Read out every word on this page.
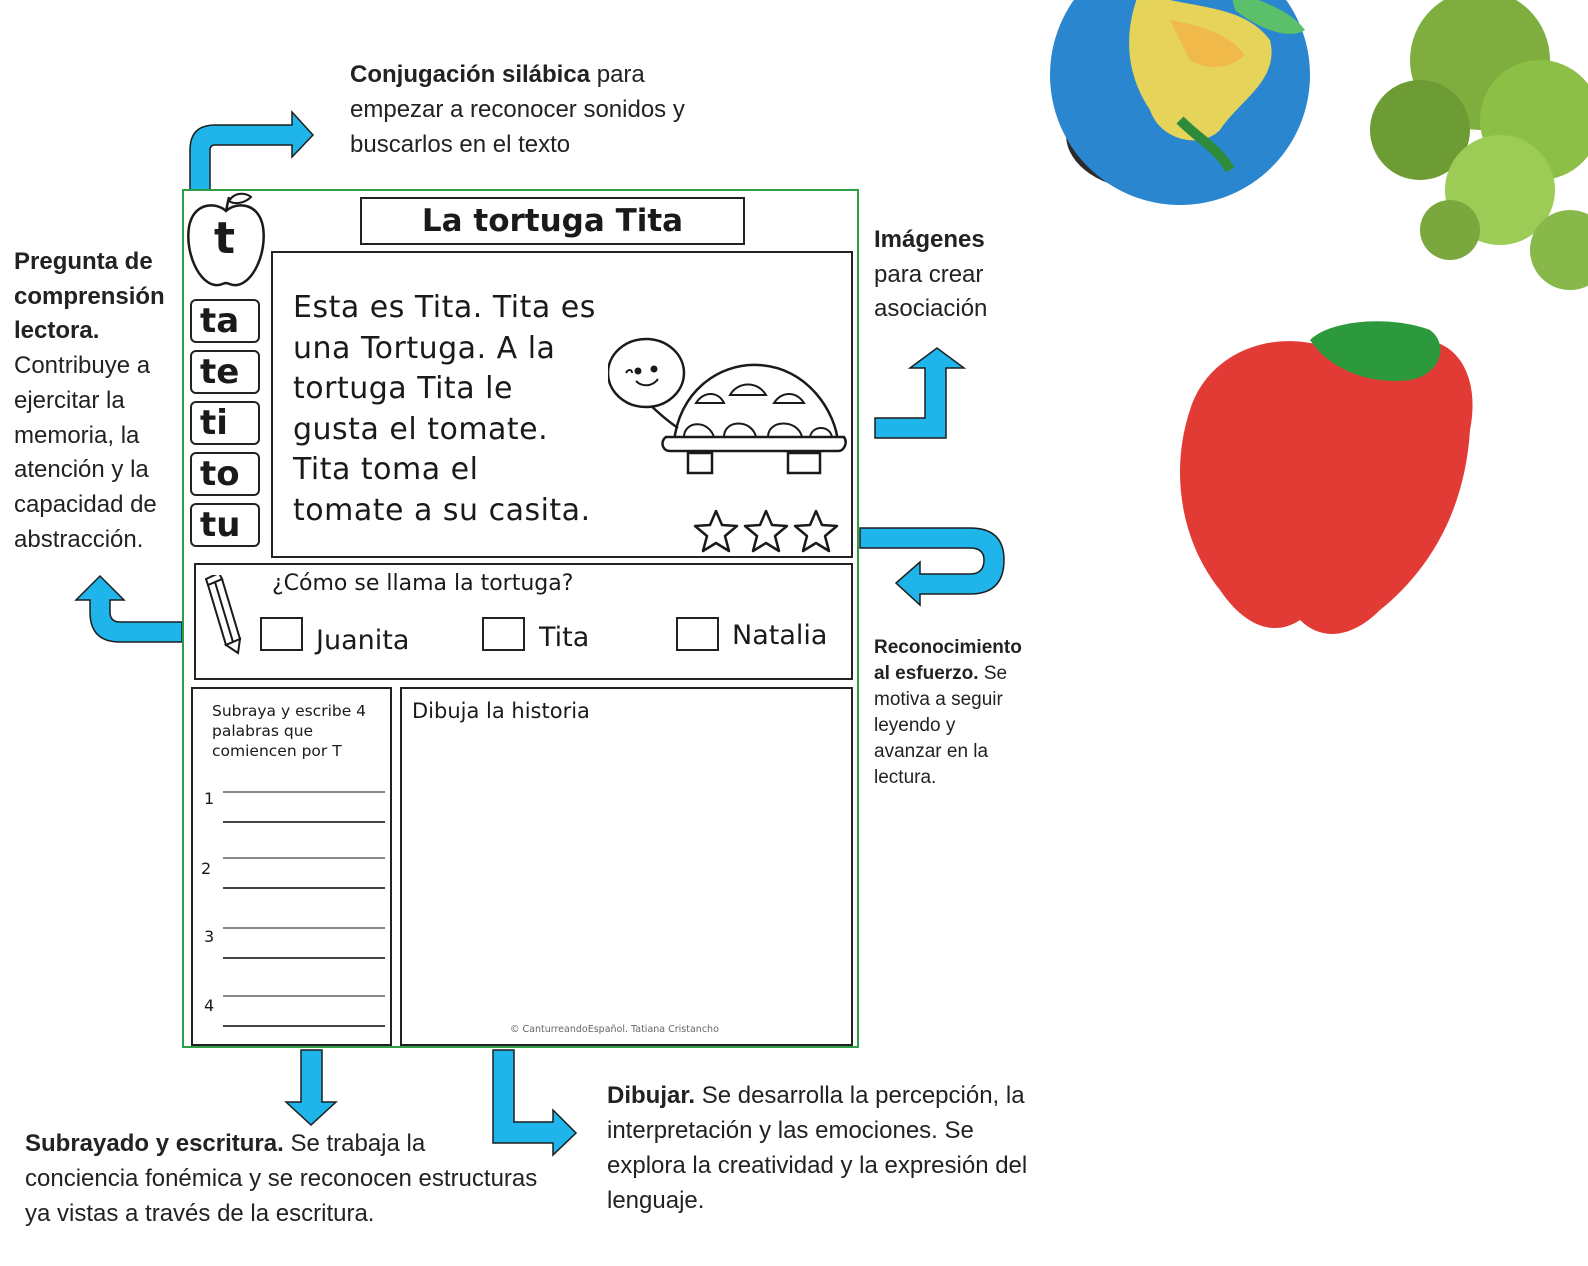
Conjugación silábica para empezar a reconocer sonidos y buscarlos en el texto
Pregunta de comprensión lectora. Contribuye a ejercitar la memoria, la atención y la capacidad de abstracción.
Imágenes para crear asociación
Reconocimiento al esfuerzo. Se motiva a seguir leyendo y avanzar en la lectura.
Subrayado y escritura. Se trabaja la conciencia fonémica y se reconocen estructuras ya vistas a través de la escritura.
Dibujar. Se desarrolla la percepción, la interpretación y las emociones. Se explora la creatividad y la expresión del lenguaje.
t	La tortuga Tita
ta
te
ti
to
tu
Esta es Tita. Tita es
una Tortuga. A la
tortuga Tita le
gusta el tomate.
Tita toma el
tomate a su casita.
¿Cómo se llama la tortuga?
Juanita	Tita	Natalia
Subraya y escribe 4 palabras que comiencen por T
1
2
3
4
Dibuja la historia
© CanturreandoEspañol. Tatiana Cristancho
